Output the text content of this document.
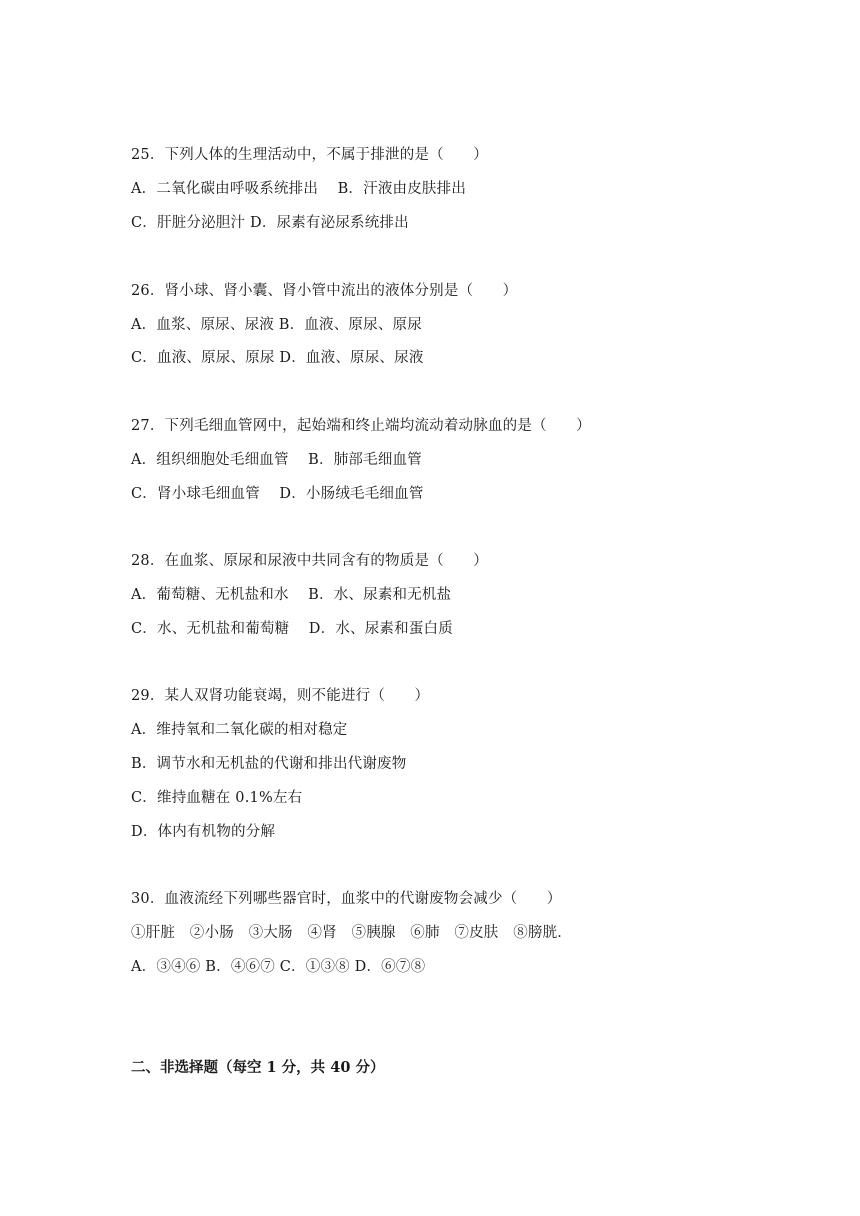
25．下列人体的生理活动中，不属于排泄的是（　　）
A．二氧化碳由呼吸系统排出　 B．汗液由皮肤排出
C．肝脏分泌胆汁 D．尿素有泌尿系统排出
26．肾小球、肾小囊、肾小管中流出的液体分别是（　　）
A．血浆、原尿、尿液 B．血液、原尿、原尿
C．血液、原尿、原尿 D．血液、原尿、尿液
27．下列毛细血管网中，起始端和终止端均流动着动脉血的是（　　）
A．组织细胞处毛细血管　 B．肺部毛细血管
C．肾小球毛细血管　 D．小肠绒毛毛细血管
28．在血浆、原尿和尿液中共同含有的物质是（　　）
A．葡萄糖、无机盐和水　 B．水、尿素和无机盐
C．水、无机盐和葡萄糖　 D．水、尿素和蛋白质
29．某人双肾功能衰竭，则不能进行（　　）
A．维持氧和二氧化碳的相对稳定
B．调节水和无机盐的代谢和排出代谢废物
C．维持血糖在 0.1%左右
D．体内有机物的分解
30．血液流经下列哪些器官时，血浆中的代谢废物会减少（　　）
①肝脏　②小肠　③大肠　④肾　⑤胰腺　⑥肺　⑦皮肤　⑧膀胱．
A．③④⑥ B．④⑥⑦ C．①③⑧ D．⑥⑦⑧
二、非选择题（每空 1 分，共 40 分）
